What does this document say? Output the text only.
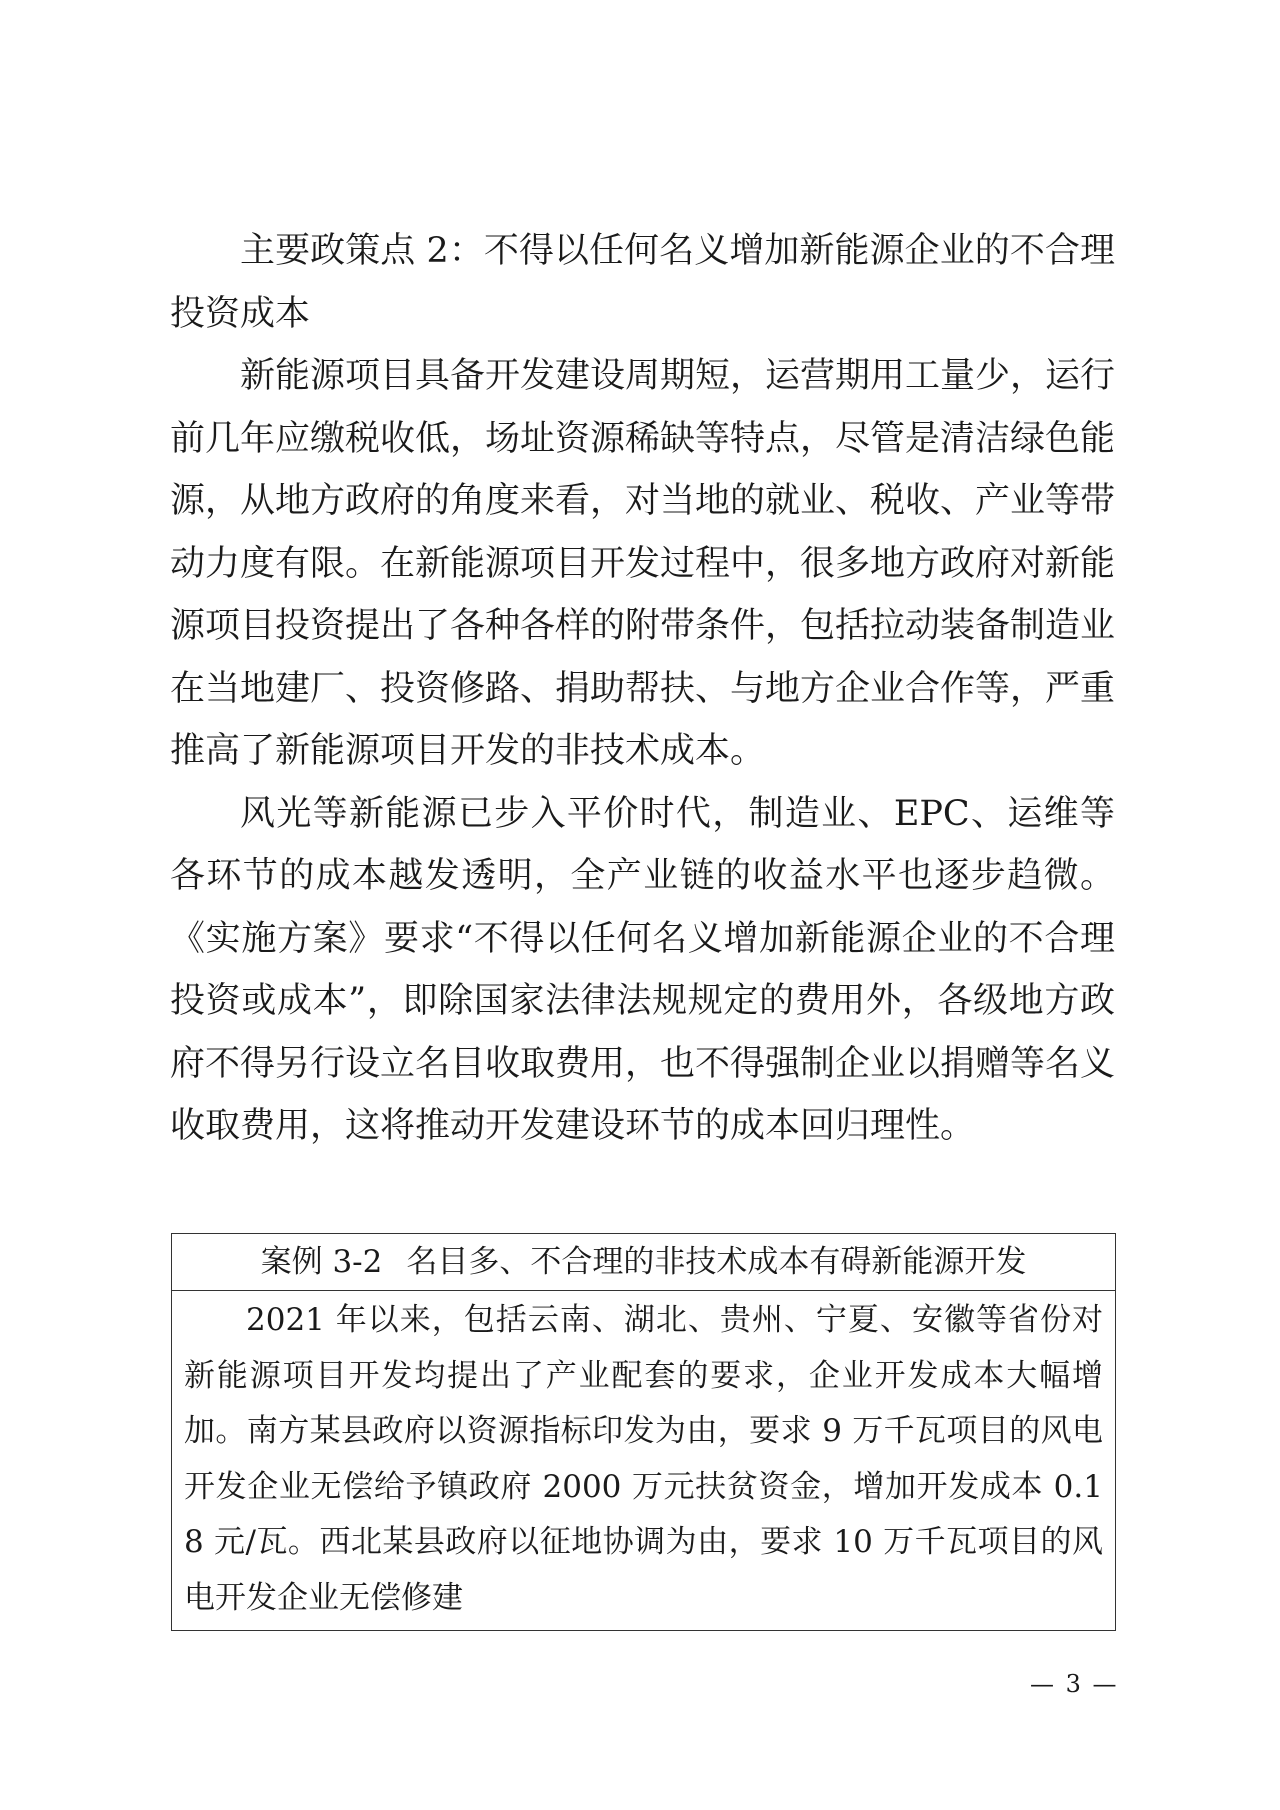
主要政策点 2：不得以任何名义增加新能源企业的不合理投资成本

新能源项目具备开发建设周期短，运营期用工量少，运行前几年应缴税收低，场址资源稀缺等特点，尽管是清洁绿色能源，从地方政府的角度来看，对当地的就业、税收、产业等带动力度有限。在新能源项目开发过程中，很多地方政府对新能源项目投资提出了各种各样的附带条件，包括拉动装备制造业在当地建厂、投资修路、捐助帮扶、与地方企业合作等，严重推高了新能源项目开发的非技术成本。

风光等新能源已步入平价时代，制造业、EPC、运维等各环节的成本越发透明，全产业链的收益水平也逐步趋微。《实施方案》要求“不得以任何名义增加新能源企业的不合理投资或成本”，即除国家法律法规规定的费用外，各级地方政府不得另行设立名目收取费用，也不得强制企业以捐赠等名义收取费用，这将推动开发建设环节的成本回归理性。

案例 3-2 名目多、不合理的非技术成本有碍新能源开发

2021 年以来，包括云南、湖北、贵州、宁夏、安徽等省份对新能源项目开发均提出了产业配套的要求，企业开发成本大幅增加。南方某县政府以资源指标印发为由，要求 9 万千瓦项目的风电开发企业无偿给予镇政府 2000 万元扶贫资金，增加开发成本 0.18 元/瓦。西北某县政府以征地协调为由，要求 10 万千瓦项目的风电开发企业无偿修建

— 3 —
